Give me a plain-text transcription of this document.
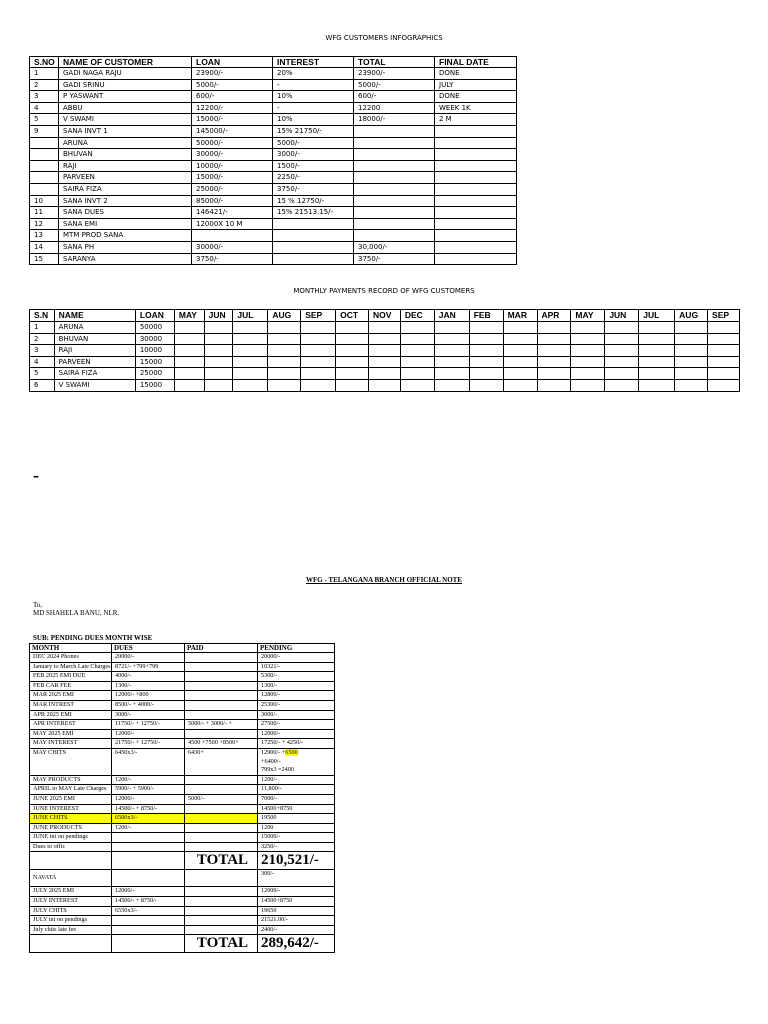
WFG CUSTOMERS INFOGRAPHICS
S.NO	NAME OF CUSTOMER	LOAN	INTEREST	TOTAL	FINAL DATE
1	GADI NAGA RAJU	23900/-	20%	23900/-	DONE
2	GADI SRINU	5000/-	-	5000/-	JULY
3	P YASWANT	600/-	10%	600/-	DONE
4	ABBU	12200/-	-	12200	WEEK 1K
5	V SWAMI	15000/-	10%	18000/-	2 M
9	SANA INVT 1	145000/-	15% 21750/-		
	ARUNA	50000/-	5000/-		
	BHUVAN	30000/-	3000/-		
	RAJI	10000/-	1500/-		
	PARVEEN	15000/-	2250/-		
	SAIRA FIZA	25000/-	3750/-		
10	SANA INVT 2	85000/-	15 % 12750/-		
11	SANA DUES	146421/-	15% 21513.15/-		
12	SANA EMI	12000X 10 M			
13	MTM PROD SANA				
14	SANA PH	30000/-		30,000/-	
15	SARANYA	3750/-		3750/-	
MONTHLY PAYMENTS RECORD OF WFG CUSTOMERS
S.N	NAME	LOAN	MAY	JUN	JUL	AUG	SEP	OCT	NOV	DEC	JAN	FEB	MAR	APR	MAY	JUN	JUL	AUG	SEP
1	ARUNA	50000																	
2	BHUVAN	30000																	
3	RAJI	10000																	
4	PARVEEN	15000																	
5	SAIRA FIZA	25000																	
6	V SWAMI	15000																	
–
WFG - TELANGANA BRANCH OFFICIAL NOTE
To,
MD SHAHELA BANU, NLR.
SUB: PENDING DUES MONTH WISE
MONTH	DUES	PAID	PENDING
DEC 2024 Phones	20000/-		20000/-
January to March Late Charges	8721/- +799+799		10321/-
FEB 2025 EMI DUE	4000/-		5300/-
FEB CAR FEE	1300/-		1300/-
MAR 2025 EMI	12000/- +800		12800/-
MAR INTREST	8500/- + 4000/-		25300/-
APR 2025 EMI	3000/-		3000/-
APR INTEREST	11750/- + 12750/-	5000/- + 3000/- +	27500/-
MAY 2025 EMI	12000/-		12000/-
MAY INTEREST	21750/- + 12750/-	4500 +7500 +8500+	17250/- + 4250/-
MAY CHITS	6450x3/-	6430+	12900/- +6500
+6400/-
799x3 =2400
MAY PRODUCTS	1200/-		1200/-
APRIL to MAY Late Charges	5900/- + 5900/-		11,800/-
JUNE 2025 EMI	12000/-	5000/-	7000/-
JUNE INTEREST	14500/- + 8750/-		14500+8750
JUNE CHITS	6500x3/-		19500
JUNE PRODUCTS	1200/-		1200
JUNE int on pendings			15000/-
Dues to offic			3250/-
		TOTAL	210,521/-
NAVATA			300/-
JULY 2025 EMI	12000/-		12000/-
JULY INTEREST	14500/- + 8750/-		14500+8750
JULY CHITS	6550x3/-		19650
JULY int on pendings			21521.00/-
July chits late fee			2400/-
		TOTAL	289,642/-
